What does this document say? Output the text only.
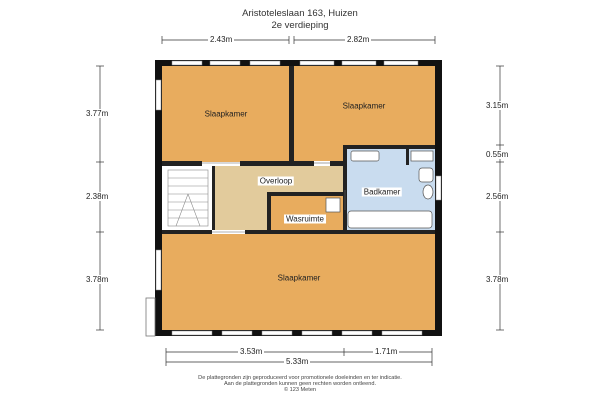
Aristoteleslaan 163, Huizen
2e verdieping
Slaapkamer
Slaapkamer
Overloop
Badkamer
Wasruimte
Slaapkamer
2.43m	2.82m
3.77m
2.38m
3.78m
3.15m
0.55m
2.56m
3.78m
3.53m	1.71m
5.33m
De plattegronden zijn geproduceerd voor promotionele doeleinden en ter indicatie.
Aan de plattegronden kunnen geen rechten worden ontleend.
© 123 Meten
